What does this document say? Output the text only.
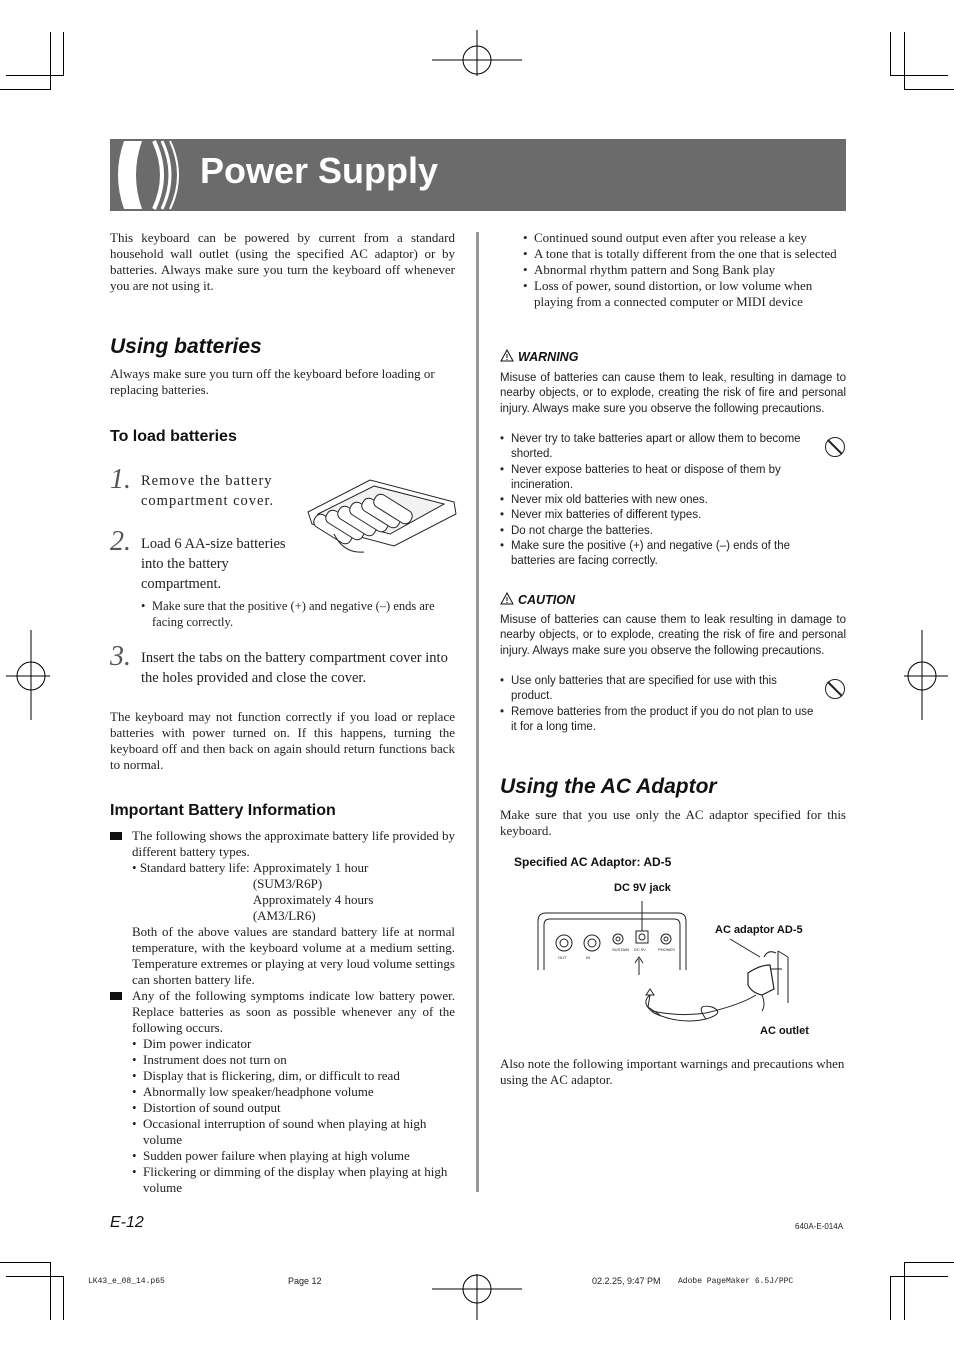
Power Supply

This keyboard can be powered by current from a standard household wall outlet (using the specified AC adaptor) or by batteries. Always make sure you turn the keyboard off whenever you are not using it.

Using batteries

Always make sure you turn off the keyboard before loading or replacing batteries.

To load batteries
1. Remove the battery compartment cover.
2. Load 6 AA-size batteries into the battery compartment.
• Make sure that the positive (+) and negative (–) ends are facing correctly.
3. Insert the tabs on the battery compartment cover into the holes provided and close the cover.

The keyboard may not function correctly if you load or replace batteries with power turned on. If this happens, turning the keyboard off and then back on again should return functions back to normal.

Important Battery Information
The following shows the approximate battery life provided by different battery types.
• Standard battery life: Approximately 1 hour
(SUM3/R6P)
Approximately 4 hours
(AM3/LR6)
Both of the above values are standard battery life at normal temperature, with the keyboard volume at a medium setting. Temperature extremes or playing at very loud volume settings can shorten battery life.
Any of the following symptoms indicate low battery power. Replace batteries as soon as possible whenever any of the following occurs.
• Dim power indicator
• Instrument does not turn on
• Display that is flickering, dim, or difficult to read
• Abnormally low speaker/headphone volume
• Distortion of sound output
• Occasional interruption of sound when playing at high volume
• Sudden power failure when playing at high volume
• Flickering or dimming of the display when playing at high volume
• Continued sound output even after you release a key
• A tone that is totally different from the one that is selected
• Abnormal rhythm pattern and Song Bank play
• Loss of power, sound distortion, or low volume when playing from a connected computer or MIDI device
WARNING
Misuse of batteries can cause them to leak, resulting in damage to nearby objects, or to explode, creating the risk of fire and personal injury. Always make sure you observe the following precautions.
• Never try to take batteries apart or allow them to become shorted.
• Never expose batteries to heat or dispose of them by incineration.
• Never mix old batteries with new ones.
• Never mix batteries of different types.
• Do not charge the batteries.
• Make sure the positive (+) and negative (–) ends of the batteries are facing correctly.
CAUTION
Misuse of batteries can cause them to leak resulting in damage to nearby objects, or to explode, creating the risk of fire and personal injury. Always make sure you observe the following precautions.
• Use only batteries that are specified for use with this product.
• Remove batteries from the product if you do not plan to use it for a long time.
Using the AC Adaptor

Make sure that you use only the AC adaptor specified for this keyboard.

Specified AC Adaptor: AD-5
DC 9V jack
AC adaptor AD-5
AC outlet
OUT	IN
SUSTAIN DC 9V	PHONES

Also note the following important warnings and precautions when using the AC adaptor.

E-12	640A-E-014A
LK43_e_08_14.p65	Page 12	02.2.25, 9:47 PM Adobe PageMaker 6.5J/PPC
